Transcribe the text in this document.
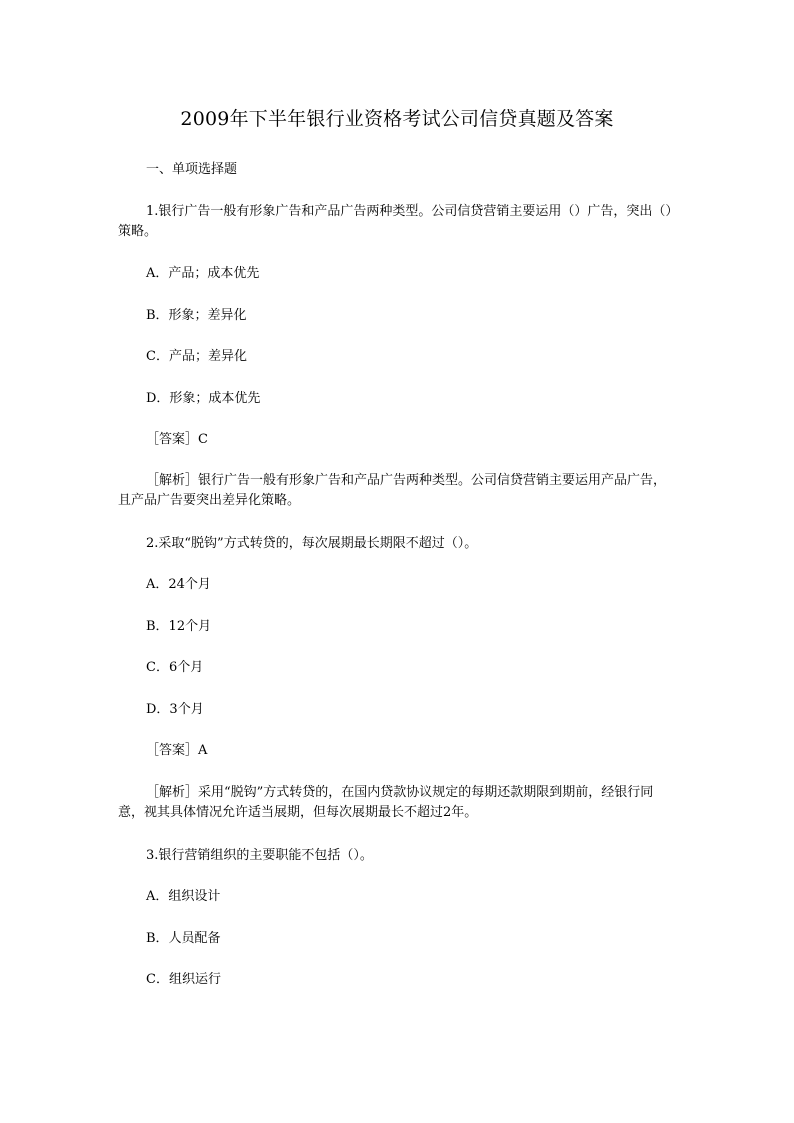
2009年下半年银行业资格考试公司信贷真题及答案
一、单项选择题
1.银行广告一般有形象广告和产品广告两种类型。公司信贷营销主要运用（）广告，突出（）策略。
A．产品；成本优先
B．形象；差异化
C．产品；差异化
D．形象；成本优先
［答案］C
［解析］银行广告一般有形象广告和产品广告两种类型。公司信贷营销主要运用产品广告，且产品广告要突出差异化策略。
2.采取“脱钩”方式转贷的，每次展期最长期限不超过（）。
A．24个月
B．12个月
C．6个月
D．3个月
［答案］A
［解析］采用“脱钩”方式转贷的，在国内贷款协议规定的每期还款期限到期前，经银行同意，视其具体情况允许适当展期，但每次展期最长不超过2年。
3.银行营销组织的主要职能不包括（）。
A．组织设计
B．人员配备
C．组织运行
